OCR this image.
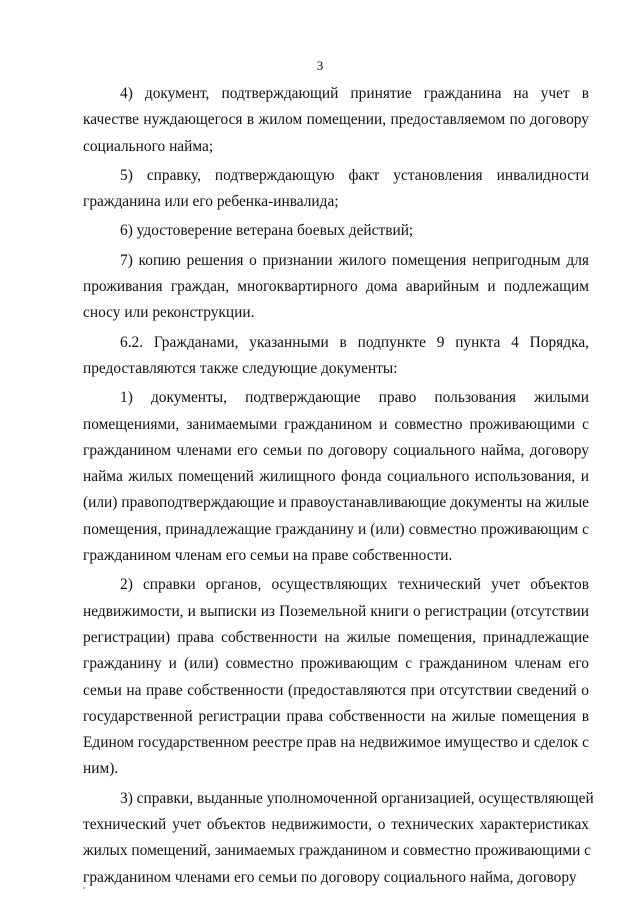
3
4) документ, подтверждающий принятие гражданина на учет в
качестве нуждающегося в жилом помещении, предоставляемом по договору
социального найма;
5) справку, подтверждающую факт установления инвалидности
гражданина или его ребенка-инвалида;
6) удостоверение ветерана боевых действий;
7) копию решения о признании жилого помещения непригодным для
проживания граждан, многоквартирного дома аварийным и подлежащим
сносу или реконструкции.
6.2. Гражданами, указанными в подпункте 9 пункта 4 Порядка,
предоставляются также следующие документы:
1) документы, подтверждающие право пользования жилыми
помещениями, занимаемыми гражданином и совместно проживающими с
гражданином членами его семьи по договору социального найма, договору
найма жилых помещений жилищного фонда социального использования, и
(или) правоподтверждающие и правоустанавливающие документы на жилые
помещения, принадлежащие гражданину и (или) совместно проживающим с
гражданином членам его семьи на праве собственности.
2) справки органов, осуществляющих технический учет объектов
недвижимости, и выписки из Поземельной книги о регистрации (отсутствии
регистрации) права собственности на жилые помещения, принадлежащие
гражданину и (или) совместно проживающим с гражданином членам его
семьи на праве собственности (предоставляются при отсутствии сведений о
государственной регистрации права собственности на жилые помещения в
Едином государственном реестре прав на недвижимое имущество и сделок с
ним).
3) справки, выданные уполномоченной организацией, осуществляющей
технический учет объектов недвижимости, о технических характеристиках
жилых помещений, занимаемых гражданином и совместно проживающими с
гражданином членами его семьи по договору социального найма, договору
